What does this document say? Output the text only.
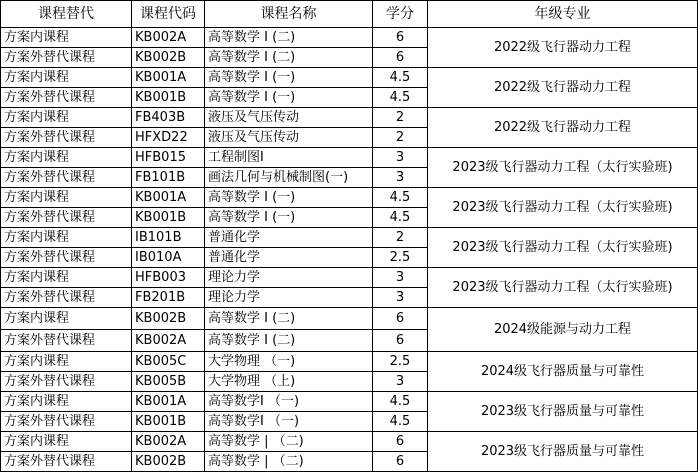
课程替代	课程代码	课程名称	学分	年级专业
方案内课程	KB002A	高等数学 I (二)	6	2022级飞行器动力工程
方案外替代课程	KB002B	高等数学 I (二)	6	
方案内课程	KB001A	高等数学 I (一)	4.5	2022级飞行器动力工程
方案外替代课程	KB001B	高等数学 I (一)	4.5	
方案内课程	FB403B	液压及气压传动	2	2022级飞行器动力工程
方案外替代课程	HFXD22	液压及气压传动	2	
方案内课程	HFB015	工程制图I	3	2023级飞行器动力工程（太行实验班)
方案外替代课程	FB101B	画法几何与机械制图(一)	3	
方案内课程	KB001A	高等数学 I (一)	4.5	2023级飞行器动力工程（太行实验班)
方案外替代课程	KB001B	高等数学 I (一)	4.5	
方案内课程	IB101B	普通化学	2	2023级飞行器动力工程（太行实验班)
方案外替代课程	IB010A	普通化学	2.5	
方案内课程	HFB003	理论力学	3	2023级飞行器动力工程（太行实验班)
方案外替代课程	FB201B	理论力学	3	
方案内课程	KB002B	高等数学 I (二)	6	2024级能源与动力工程
方案外替代课程	KB002A	高等数学 I (二)	6	
方案内课程	KB005C	大学物理 （一)	2.5	2024级飞行器质量与可靠性
方案外替代课程	KB005B	大学物理 （上)	3	
方案内课程	KB001A	高等数学I （一)	4.5	2023级飞行器质量与可靠性
方案外替代课程	KB001B	高等数学I （一)	4.5	
方案内课程	KB002A	高等数学 | （二)	6	2023级飞行器质量与可靠性
方案外替代课程	KB002B	高等数学 | （二)	6	
